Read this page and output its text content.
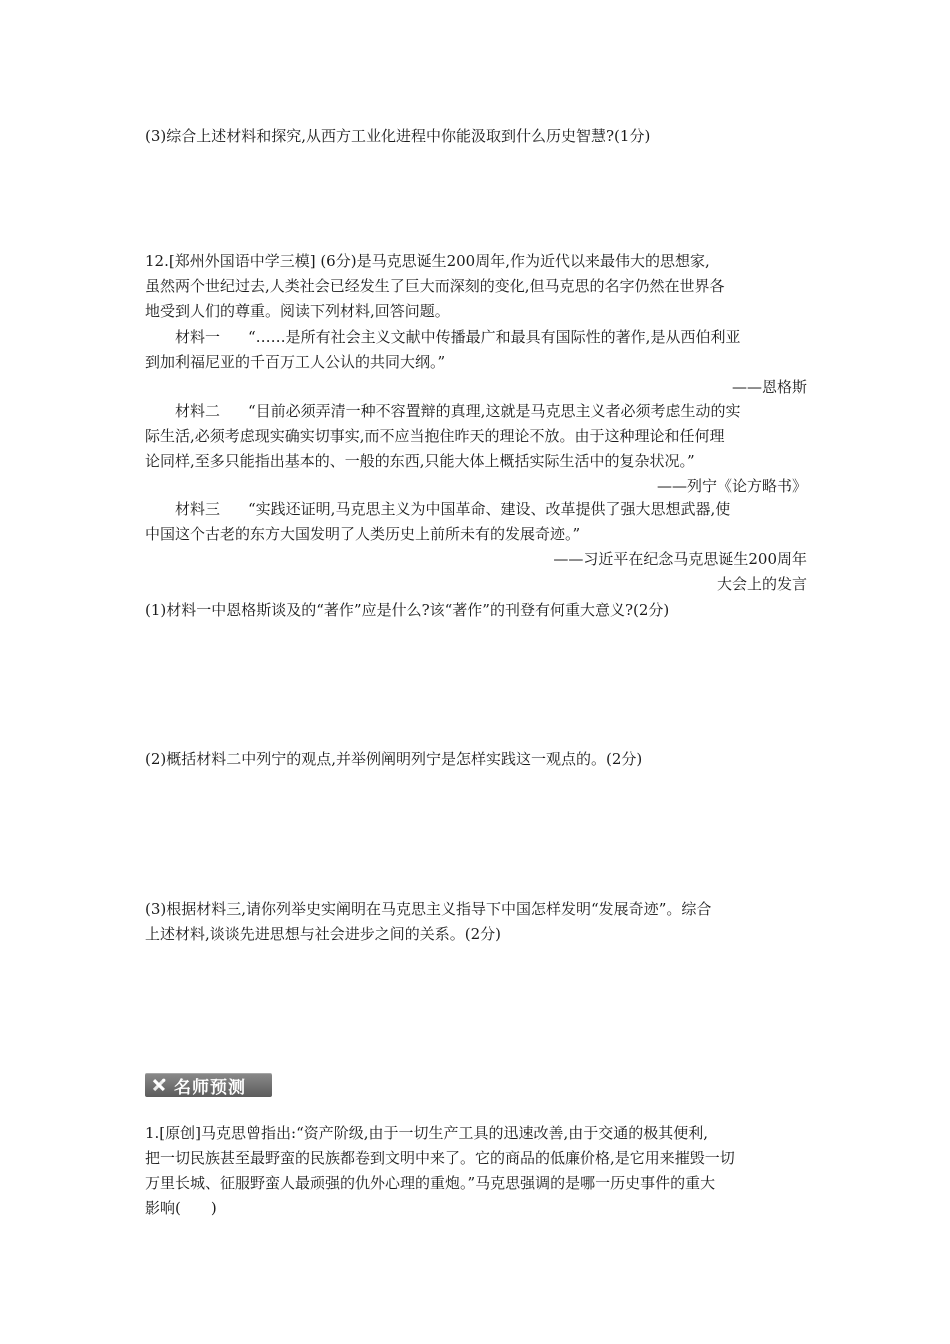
(3)综合上述材料和探究,从西方工业化进程中你能汲取到什么历史智慧?(1分)
12.[郑州外国语中学三模] (6分)是马克思诞生200周年,作为近代以来最伟大的思想家,
虽然两个世纪过去,人类社会已经发生了巨大而深刻的变化,但马克思的名字仍然在世界各
地受到人们的尊重。阅读下列材料,回答问题。
材料一 “……是所有社会主义文献中传播最广和最具有国际性的著作,是从西伯利亚
到加利福尼亚的千百万工人公认的共同大纲。”
——恩格斯
材料二 “目前必须弄清一种不容置辩的真理,这就是马克思主义者必须考虑生动的实
际生活,必须考虑现实确实切事实,而不应当抱住昨天的理论不放。由于这种理论和任何理
论同样,至多只能指出基本的、一般的东西,只能大体上概括实际生活中的复杂状况。”
——列宁《论方略书》
材料三 “实践还证明,马克思主义为中国革命、建设、改革提供了强大思想武器,使
中国这个古老的东方大国发明了人类历史上前所未有的发展奇迹。”
——习近平在纪念马克思诞生200周年
大会上的发言
(1)材料一中恩格斯谈及的“著作”应是什么?该“著作”的刊登有何重大意义?(2分)
(2)概括材料二中列宁的观点,并举例阐明列宁是怎样实践这一观点的。(2分)
(3)根据材料三,请你列举史实阐明在马克思主义指导下中国怎样发明“发展奇迹”。综合
上述材料,谈谈先进思想与社会进步之间的关系。(2分)
名师预测
1.[原创]马克思曾指出:“资产阶级,由于一切生产工具的迅速改善,由于交通的极其便利,
把一切民族甚至最野蛮的民族都卷到文明中来了。它的商品的低廉价格,是它用来摧毁一切
万里长城、征服野蛮人最顽强的仇外心理的重炮。”马克思强调的是哪一历史事件的重大
影响(　　)
